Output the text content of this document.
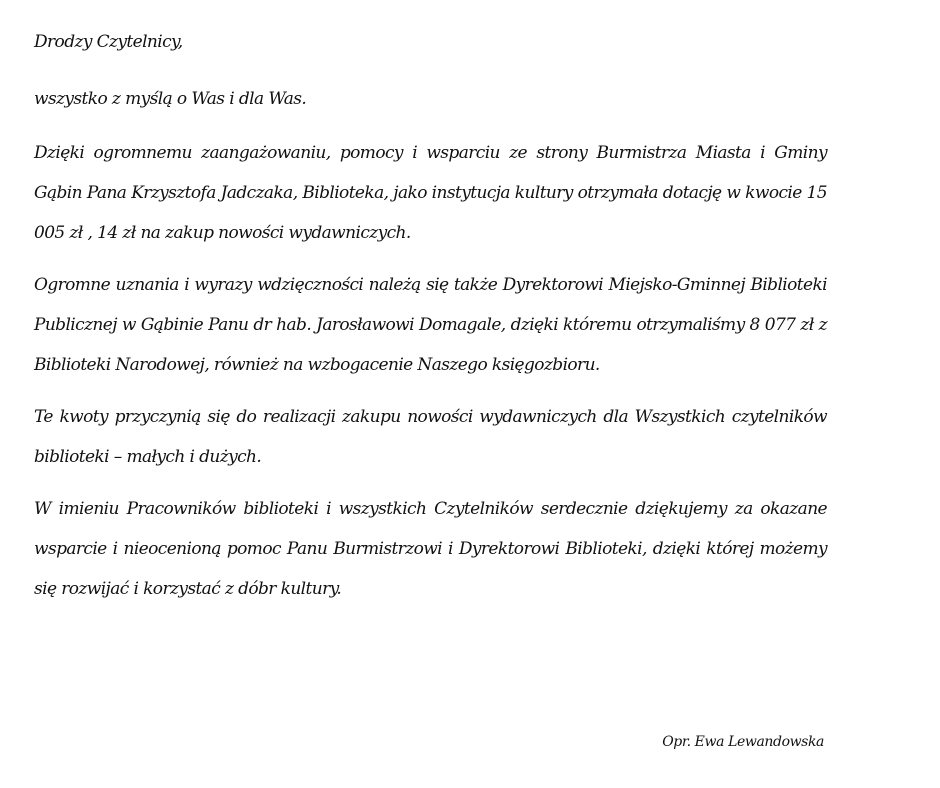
Drodzy Czytelnicy,

wszystko z myślą o Was i dla Was.

Dzięki ogromnemu zaangażowaniu, pomocy i wsparciu ze strony Burmistrza Miasta i Gminy Gąbin Pana Krzysztofa Jadczaka, Biblioteka, jako instytucja kultury otrzymała dotację w kwocie 15 005 zł , 14 zł na zakup nowości wydawniczych.

Ogromne uznania i wyrazy wdzięczności należą się także Dyrektorowi Miejsko-Gminnej Biblioteki Publicznej w Gąbinie Panu dr hab. Jarosławowi Domagale, dzięki któremu otrzymaliśmy 8 077 zł z Biblioteki Narodowej, również na wzbogacenie Naszego księgozbioru.

Te kwoty przyczynią się do realizacji zakupu nowości wydawniczych dla Wszystkich czytelników biblioteki – małych i dużych.

W imieniu Pracowników biblioteki i wszystkich Czytelników serdecznie dziękujemy za okazane wsparcie i nieocenioną pomoc Panu Burmistrzowi i Dyrektorowi Biblioteki, dzięki której możemy się rozwijać i korzystać z dóbr kultury.

Opr. Ewa Lewandowska
